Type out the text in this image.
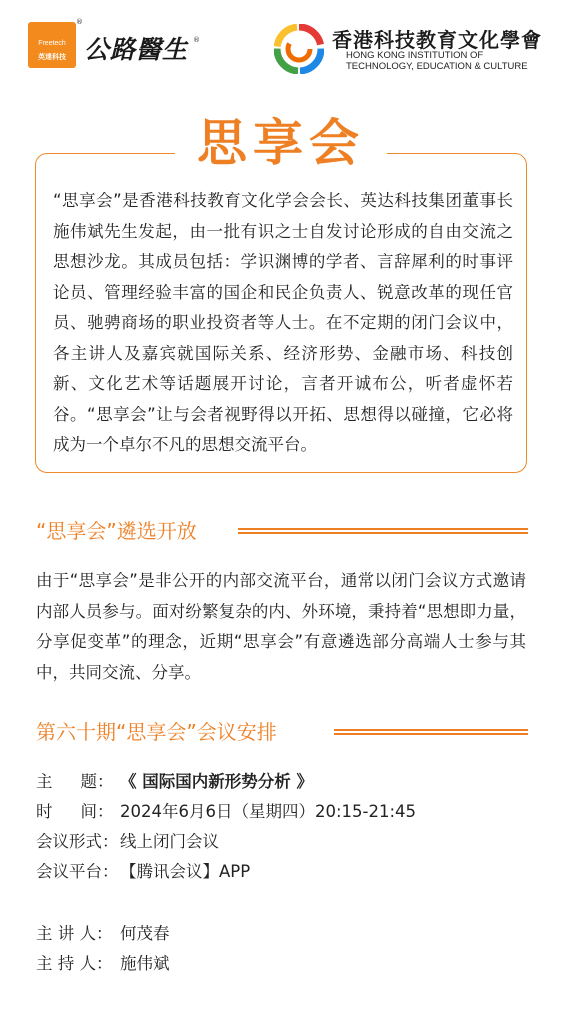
Freetech
英達科技
®
公路醫生 ®	香港科技教育文化學會
HONG KONG INSTITUTION OF
TECHNOLOGY, EDUCATION & CULTURE
思享会
“思享会”是香港科技教育文化学会会长、英达科技集团董事长施伟斌先生发起，由一批有识之士自发讨论形成的自由交流之思想沙龙。其成员包括：学识渊博的学者、言辞犀利的时事评论员、管理经验丰富的国企和民企负责人、锐意改革的现任官员、驰骋商场的职业投资者等人士。在不定期的闭门会议中，各主讲人及嘉宾就国际关系、经济形势、金融市场、科技创新、文化艺术等话题展开讨论，言者开诚布公，听者虚怀若谷。“思享会”让与会者视野得以开拓、思想得以碰撞，它必将成为一个卓尔不凡的思想交流平台。
“思享会”遴选开放
由于“思享会”是非公开的内部交流平台，通常以闭门会议方式邀请内部人员参与。面对纷繁复杂的内、外环境，秉持着“思想即力量，分享促变革”的理念，近期“思享会”有意遴选部分高端人士参与其中，共同交流、分享。
第六十期“思享会”会议安排
主 题： 《 国际国内新形势分析 》
时 间： 2024年6月6日（星期四）20:15-21:45
会议形式：线上闭门会议
会议平台：【腾讯会议】APP
主 讲 人： 何茂春
主 持 人： 施伟斌
